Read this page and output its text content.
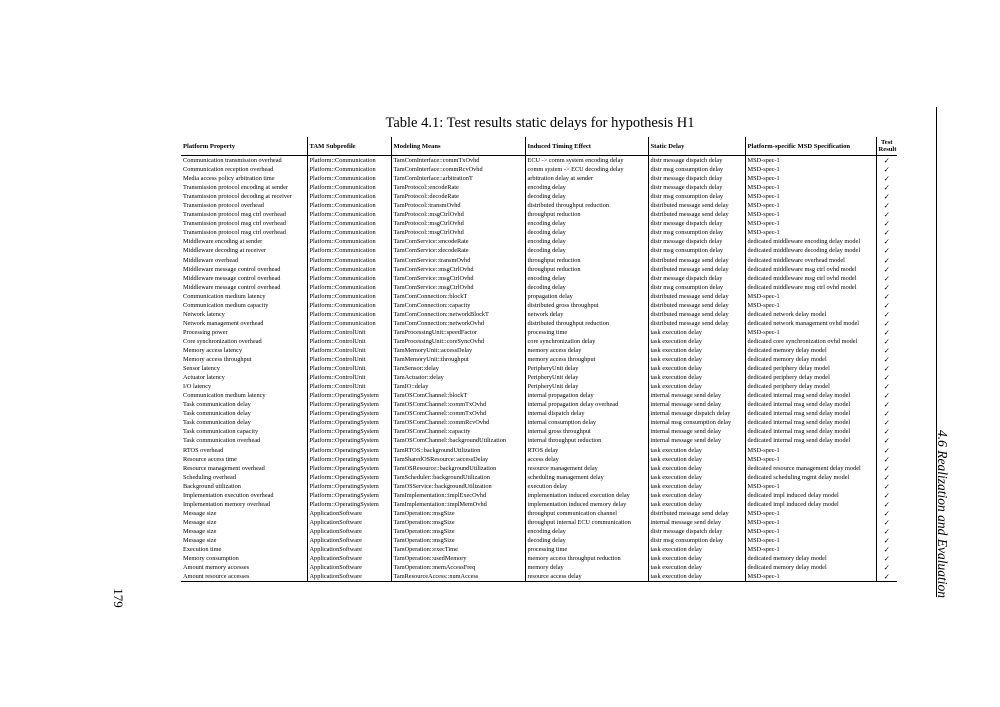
Table 4.1: Test results static delays for hypothesis H1
Platform Property	TAM Subprofile	Modeling Means	Induced Timing Effect	Static Delay	Platform-specific MSD Specification	Test Result
Communication transmission overhead	Platform::Communication	TamComInterface::commTxOvhd	ECU -> comm system encoding delay	distr message dispatch delay	MSD-spec-1	✓
Communication reception overhead	Platform::Communication	TamComInterface::commRcvOvhd	comm system -> ECU decoding delay	distr msg consumption delay	MSD-spec-1	✓
Media access policy arbitration time	Platform::Communication	TamComInterface::arbitrationT	arbitration delay at sender	distr message dispatch delay	MSD-spec-1	✓
Transmission protocol encoding at sender	Platform::Communication	TamProtocol::encodeRate	encoding delay	distr message dispatch delay	MSD-spec-1	✓
Transmission protocol decoding at receiver	Platform::Communication	TamProtocol::decodeRate	decoding delay	distr msg consumption delay	MSD-spec-1	✓
Transmission protocol overhead	Platform::Communication	TamProtocol::transmOvhd	distributed throughput reduction	distributed message send delay	MSD-spec-1	✓
Transmission protocol msg ctrl overhead	Platform::Communication	TamProtocol::msgCtrlOvhd	throughput reduction	distributed message send delay	MSD-spec-1	✓
Transmission protocol msg ctrl overhead	Platform::Communication	TamProtocol::msgCtrlOvhd	encoding delay	distr message dispatch delay	MSD-spec-1	✓
Transmission protocol msg ctrl overhead	Platform::Communication	TamProtocol::msgCtrlOvhd	decoding delay	distr msg consumption delay	MSD-spec-1	✓
Middleware encoding at sender	Platform::Communication	TamComService::encodeRate	encoding delay	distr message dispatch delay	dedicated middleware encoding delay model	✓
Middleware decoding at receiver	Platform::Communication	TamComService::decodeRate	decoding delay	distr msg consumption delay	dedicated middleware decoding delay model	✓
Middleware overhead	Platform::Communication	TamComService::transmOvhd	throughput reduction	distributed message send delay	dedicated middleware overhead model	✓
Middleware message control overhead	Platform::Communication	TamComService::msgCtrlOvhd	throughput reduction	distributed message send delay	dedicated middleware msg ctrl ovhd model	✓
Middleware message control overhead	Platform::Communication	TamComService::msgCtrlOvhd	encoding delay	distr message dispatch delay	dedicated middleware msg ctrl ovhd model	✓
Middleware message control overhead	Platform::Communication	TamComService::msgCtrlOvhd	decoding delay	distr msg consumption delay	dedicated middleware msg ctrl ovhd model	✓
Communication medium latency	Platform::Communication	TamComConnection::blockT	propagation delay	distributed message send delay	MSD-spec-1	✓
Communication medium capacity	Platform::Communication	TamComConnection::capacity	distributed gross throughput	distributed message send delay	MSD-spec-1	✓
Network latency	Platform::Communication	TamComConnection::networkBlockT	network delay	distributed message send delay	dedicated network delay model	✓
Network management overhead	Platform::Communication	TamComConnection::networkOvhd	distributed throughput reduction	distributed message send delay	dedicated network management ovhd model	✓
Processing power	Platform::ControlUnit	TamProcessingUnit::speedFactor	processing time	task execution delay	MSD-spec-1	✓
Core synchronization overhead	Platform::ControlUnit	TamProcessingUnit::coreSyncOvhd	core synchronization delay	task execution delay	dedicated core synchronization ovhd model	✓
Memory access latency	Platform::ControlUnit	TamMemoryUnit::accessDelay	memory access delay	task execution delay	dedicated memory delay model	✓
Memory access throughput	Platform::ControlUnit	TamMemoryUnit::throughput	memory access throughput	task execution delay	dedicated memory delay model	✓
Sensor latency	Platform::ControlUnit	TamSensor::delay	PeripheryUnit delay	task execution delay	dedicated periphery delay model	✓
Actuator latency	Platform::ControlUnit	TamActuator::delay	PeripheryUnit delay	task execution delay	dedicated periphery delay model	✓
I/O latency	Platform::ControlUnit	TamIO::delay	PeripheryUnit delay	task execution delay	dedicated periphery delay model	✓
Communication medium latency	Platform::OperatingSystem	TamOSComChannel::blockT	internal propagation delay	internal message send delay	dedicated internal msg send delay model	✓
Task communication delay	Platform::OperatingSystem	TamOSComChannel::commTxOvhd	internal propagation delay overhead	internal message send delay	dedicated internal msg send delay model	✓
Task communication delay	Platform::OperatingSystem	TamOSComChannel::commTxOvhd	internal dispatch delay	internal message dispatch delay	dedicated internal msg send delay model	✓
Task communication delay	Platform::OperatingSystem	TamOSComChannel::commRcvOvhd	internal consumption delay	internal msg consumption delay	dedicated internal msg send delay model	✓
Task communication capacity	Platform::OperatingSystem	TamOSComChannel::capacity	internal gross throughput	internal message send delay	dedicated internal msg send delay model	✓
Task communication overhead	Platform::OperatingSystem	TamOSComChannel::backgroundUtilization	internal throughput reduction	internal message send delay	dedicated internal msg send delay model	✓
RTOS overhead	Platform::OperatingSystem	TamRTOS::backgroundUtilization	RTOS delay	task execution delay	MSD-spec-1	✓
Resource access time	Platform::OperatingSystem	TamSharedOSResource::accessDelay	access delay	task execution delay	MSD-spec-1	✓
Resource management overhead	Platform::OperatingSystem	TamOSResource::backgroundUtilization	resource management delay	task execution delay	dedicated resource management delay model	✓
Scheduling overhead	Platform::OperatingSystem	TamScheduler::backgroundUtilization	scheduling management delay	task execution delay	dedicated scheduling mgmt delay model	✓
Background utilization	Platform::OperatingSystem	TamOSService::backgroundUtilization	execution delay	task execution delay	MSD-spec-1	✓
Implementation execution overhead	Platform::OperatingSystem	TamImplementation::implExecOvhd	implementation induced execution delay	task execution delay	dedicated impl induced delay model	✓
Implementation memory overhead	Platform::OperatingSystem	TamImplementation::implMemOvhd	implementation induced memory delay	task execution delay	dedicated impl induced delay model	✓
Message size	ApplicationSoftware	TamOperation::msgSize	throughput communication channel	distributed message send delay	MSD-spec-1	✓
Message size	ApplicationSoftware	TamOperation::msgSize	throughput internal ECU communication	internal message send delay	MSD-spec-1	✓
Message size	ApplicationSoftware	TamOperation::msgSize	encoding delay	distr message dispatch delay	MSD-spec-1	✓
Message size	ApplicationSoftware	TamOperation::msgSize	decoding delay	distr msg consumption delay	MSD-spec-1	✓
Execution time	ApplicationSoftware	TamOperation::execTime	processing time	task execution delay	MSD-spec-1	✓
Memory consumption	ApplicationSoftware	TamOperation::usedMemory	memory access throughput reduction	task execution delay	dedicated memory delay model	✓
Amount memory accesses	ApplicationSoftware	TamOperation::memAccessFreq	memory delay	task execution delay	dedicated memory delay model	✓
Amount resource accesses	ApplicationSoftware	TamResourceAccess::numAccess	resource access delay	task execution delay	MSD-spec-1	✓
179	4.6 Realization and Evaluation
